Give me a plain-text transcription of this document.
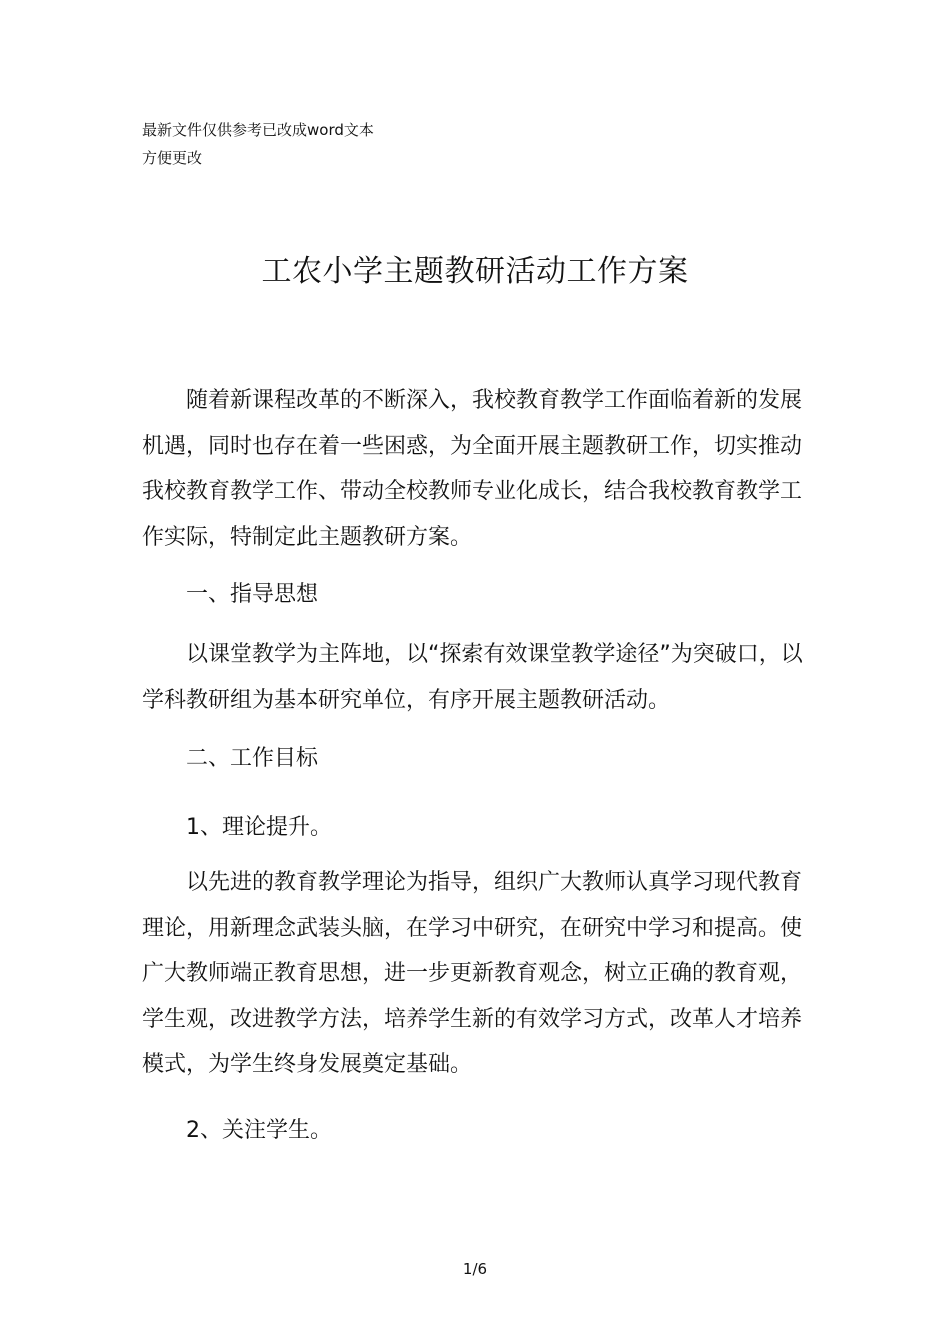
最新文件仅供参考已改成word文本
方便更改
工农小学主题教研活动工作方案

随着新课程改革的不断深入，我校教育教学工作面临着新的发展机遇，同时也存在着一些困惑，为全面开展主题教研工作，切实推动我校教育教学工作、带动全校教师专业化成长，结合我校教育教学工作实际，特制定此主题教研方案。

一、指导思想

以课堂教学为主阵地，以“探索有效课堂教学途径”为突破口，以学科教研组为基本研究单位，有序开展主题教研活动。

二、工作目标

1、理论提升。

以先进的教育教学理论为指导，组织广大教师认真学习现代教育理论，用新理念武装头脑，在学习中研究，在研究中学习和提高。使广大教师端正教育思想，进一步更新教育观念，树立正确的教育观，学生观，改进教学方法，培养学生新的有效学习方式，改革人才培养模式，为学生终身发展奠定基础。

2、关注学生。

1/6
